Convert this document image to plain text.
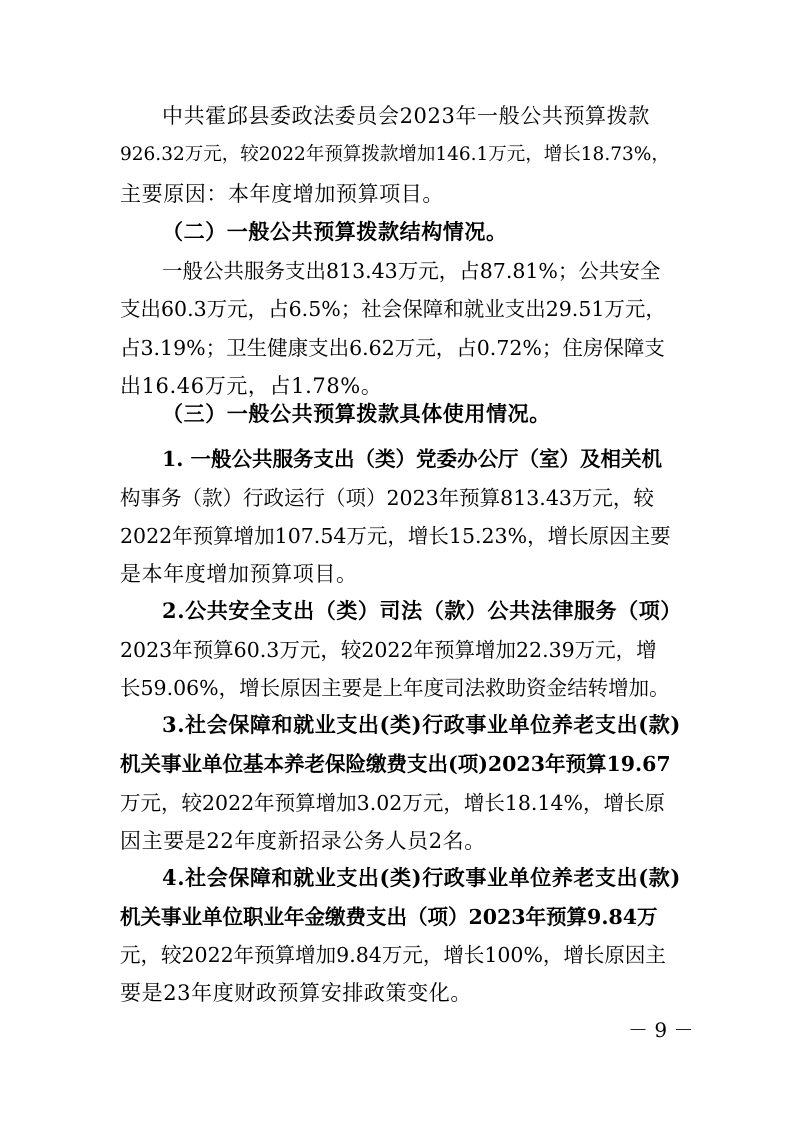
中共霍邱县委政法委员会2023年一般公共预算拨款
926.32万元，较2022年预算拨款增加146.1万元，增长18.73%，
主要原因：本年度增加预算项目。
（二）一般公共预算拨款结构情况。
一般公共服务支出813.43万元，占87.81%；公共安全
支出60.3万元，占6.5%；社会保障和就业支出29.51万元，
占3.19%；卫生健康支出6.62万元，占0.72%；住房保障支
出16.46万元，占1.78%。
（三）一般公共预算拨款具体使用情况。
1. 一般公共服务支出（类）党委办公厅（室）及相关机
构事务（款）行政运行（项）2023年预算813.43万元，较
2022年预算增加107.54万元，增长15.23%，增长原因主要
是本年度增加预算项目。
2.公共安全支出（类）司法（款）公共法律服务（项）
2023年预算60.3万元，较2022年预算增加22.39万元，增
长59.06%，增长原因主要是上年度司法救助资金结转增加。
3.社会保障和就业支出(类)行政事业单位养老支出(款)
机关事业单位基本养老保险缴费支出(项)2023年预算19.67
万元，较2022年预算增加3.02万元，增长18.14%，增长原
因主要是22年度新招录公务人员2名。
4.社会保障和就业支出(类)行政事业单位养老支出(款)
机关事业单位职业年金缴费支出（项）2023年预算9.84万
元，较2022年预算增加9.84万元，增长100%，增长原因主
要是23年度财政预算安排政策变化。
－ 9 －
